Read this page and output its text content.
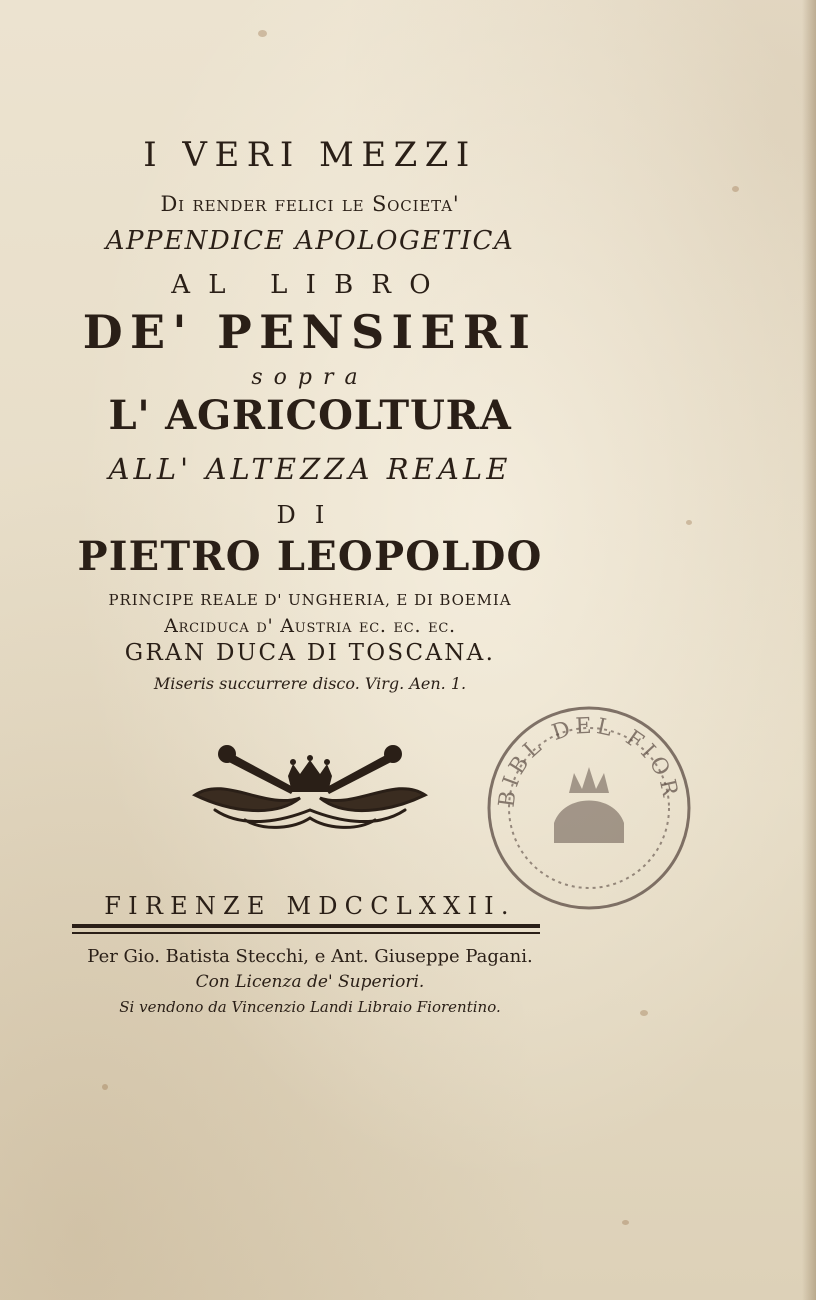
I VERI MEZZI
Di render felici le Societa'
APPENDICE APOLOGETICA
AL LIBRO
DE' PENSIERI
sopra
L' AGRICOLTURA
ALL' ALTEZZA REALE
DI
PIETRO LEOPOLDO
PRINCIPE REALE D' UNGHERIA, E DI BOEMIA
Arciduca d' Austria ec. ec. ec.
GRAN DUCA DI TOSCANA.
Miseris succurrere disco. Virg. Aen. 1.
BIBL DEL FIOR
FIRENZE MDCCLXXII.
Per Gio. Batista Stecchi, e Ant. Giuseppe Pagani.
Con Licenza de' Superiori.
Si vendono da Vincenzio Landi Libraio Fiorentino.
